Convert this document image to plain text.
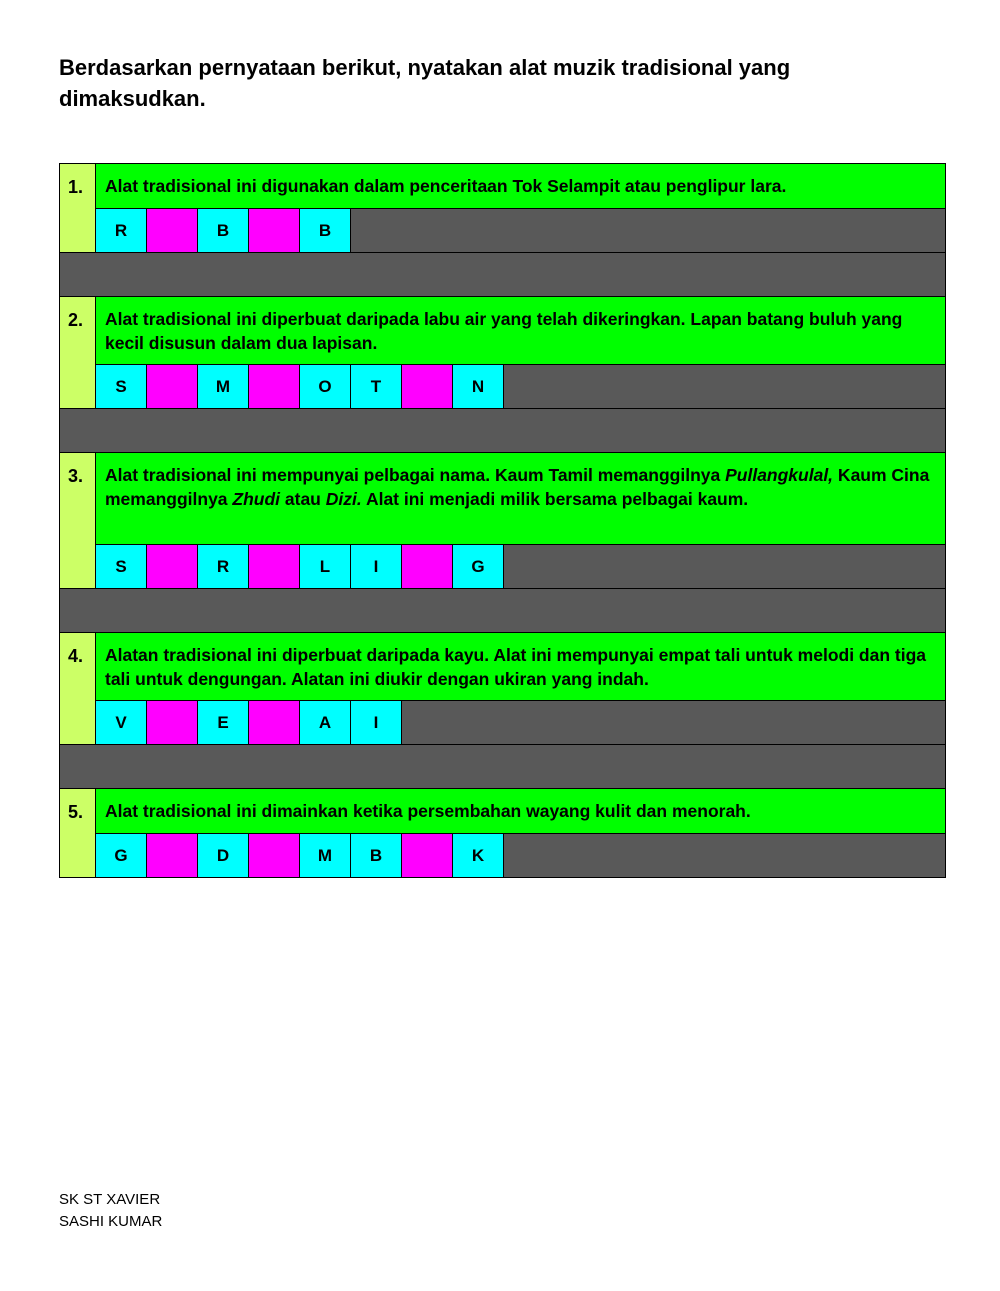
Berdasarkan pernyataan berikut, nyatakan alat muzik tradisional yang dimaksudkan.
1.	Alat tradisional ini digunakan dalam penceritaan Tok Selampit atau penglipur lara.
R	B	B
2.	Alat tradisional ini diperbuat daripada labu air yang telah dikeringkan. Lapan batang buluh yang kecil disusun dalam dua lapisan.
S	M	O	T	N
3.	Alat tradisional ini mempunyai pelbagai nama. Kaum Tamil memanggilnya Pullangkulal, Kaum Cina memanggilnya Zhudi atau Dizi. Alat ini menjadi milik bersama pelbagai kaum.
S	R	L	I	G
4.	Alatan tradisional ini diperbuat daripada kayu. Alat ini mempunyai empat tali untuk melodi dan tiga tali untuk dengungan. Alatan ini diukir dengan ukiran yang indah.
V	E	A	I
5.	Alat tradisional ini dimainkan ketika persembahan wayang kulit dan menorah.
G	D	M	B	K
SK ST XAVIER
SASHI KUMAR
